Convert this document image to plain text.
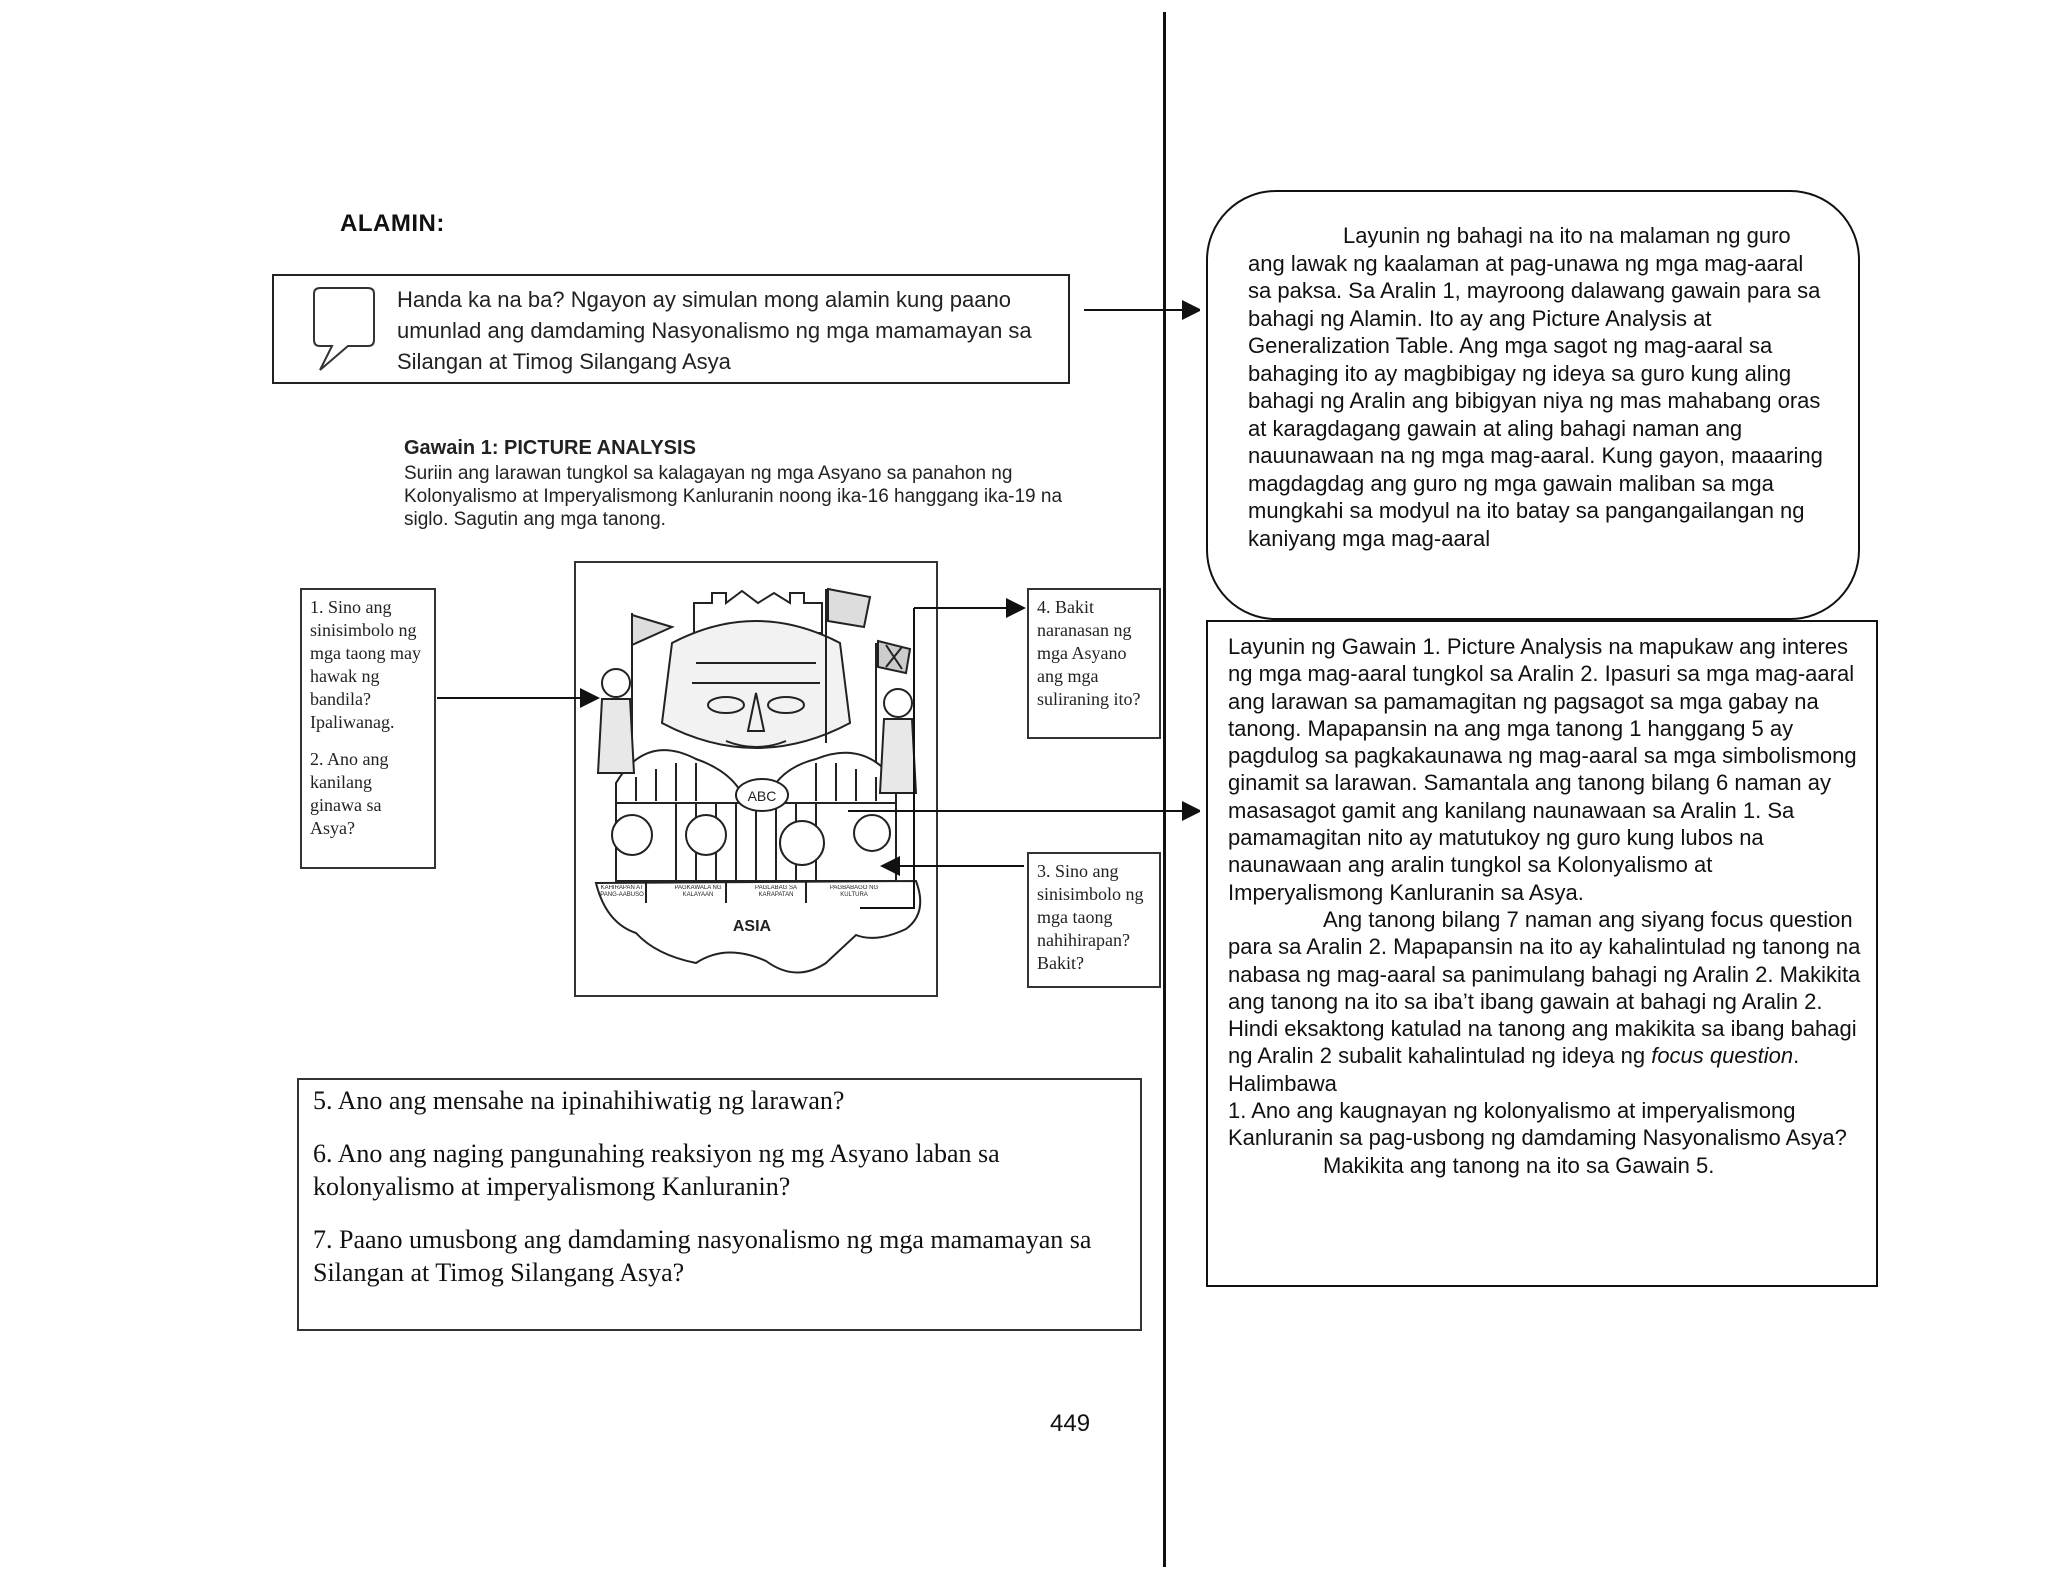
ALAMIN:
Handa ka na ba? Ngayon ay simulan mong alamin kung paano umunlad ang damdaming Nasyonalismo ng mga mamamayan sa Silangan at Timog Silangang Asya
Gawain 1: PICTURE ANALYSIS
Suriin ang larawan tungkol sa kalagayan ng mga Asyano sa panahon ng Kolonyalismo at Imperyalismong Kanluranin noong ika-16 hanggang ika-19 na siglo. Sagutin ang mga tanong.
1. Sino ang sinisimbolo ng mga taong may hawak ng bandila? Ipaliwanag.
2. Ano ang kanilang ginawa sa Asya?
4. Bakit naranasan ng mga Asyano ang mga suliraning ito?
3. Sino ang sinisimbolo ng mga taong nahihirapan? Bakit?
ABC
ASIA
KAHIRAPAN AT PANG-AABUSO
PAGKAWALA NG KALAYAAN
PAGLABAG SA KARAPATAN
PAGBABAGO NG KULTURA

5. Ano ang mensahe na ipinahihiwatig ng larawan?

6. Ano ang naging pangunahing reaksiyon ng mg Asyano laban sa kolonyalismo at imperyalismong Kanluranin?

7. Paano umusbong ang damdaming nasyonalismo ng mga mamamayan sa Silangan at Timog Silangang Asya?

449

Layunin ng bahagi na ito na malaman ng guro ang lawak ng kaalaman at pag-unawa ng mga mag-aaral sa paksa. Sa Aralin 1, mayroong dalawang gawain para sa bahagi ng Alamin. Ito ay ang Picture Analysis at Generalization Table. Ang mga sagot ng mag-aaral sa bahaging ito ay magbibigay ng ideya sa guro kung aling bahagi ng Aralin ang bibigyan niya ng mas mahabang oras at karagdagang gawain at aling bahagi naman ang nauunawaan na ng mga mag-aaral. Kung gayon, maaaring magdagdag ang guro ng mga gawain maliban sa mga mungkahi sa modyul na ito batay sa pangangailangan ng kaniyang mga mag-aaral

Layunin ng Gawain 1. Picture Analysis na mapukaw ang interes ng mga mag-aaral tungkol sa Aralin 2. Ipasuri sa mga mag-aaral ang larawan sa pamamagitan ng pagsagot sa mga gabay na tanong. Mapapansin na ang mga tanong 1 hanggang 5 ay pagdulog sa pagkakaunawa ng mag-aaral sa mga simbolismong ginamit sa larawan. Samantala ang tanong bilang 6 naman ay masasagot gamit ang kanilang naunawaan sa Aralin 1. Sa pamamagitan nito ay matutukoy ng guro kung lubos na naunawaan ang aralin tungkol sa Kolonyalismo at Imperyalismong Kanluranin sa Asya.

Ang tanong bilang 7 naman ang siyang focus question para sa Aralin 2. Mapapansin na ito ay kahalintulad ng tanong na nabasa ng mag-aaral sa panimulang bahagi ng Aralin 2. Makikita ang tanong na ito sa iba’t ibang gawain at bahagi ng Aralin 2. Hindi eksaktong katulad na tanong ang makikita sa ibang bahagi ng Aralin 2 subalit kahalintulad ng ideya ng focus question.

Halimbawa

1. Ano ang kaugnayan ng kolonyalismo at imperyalismong Kanluranin sa pag-usbong ng damdaming Nasyonalismo Asya?

Makikita ang tanong na ito sa Gawain 5.
